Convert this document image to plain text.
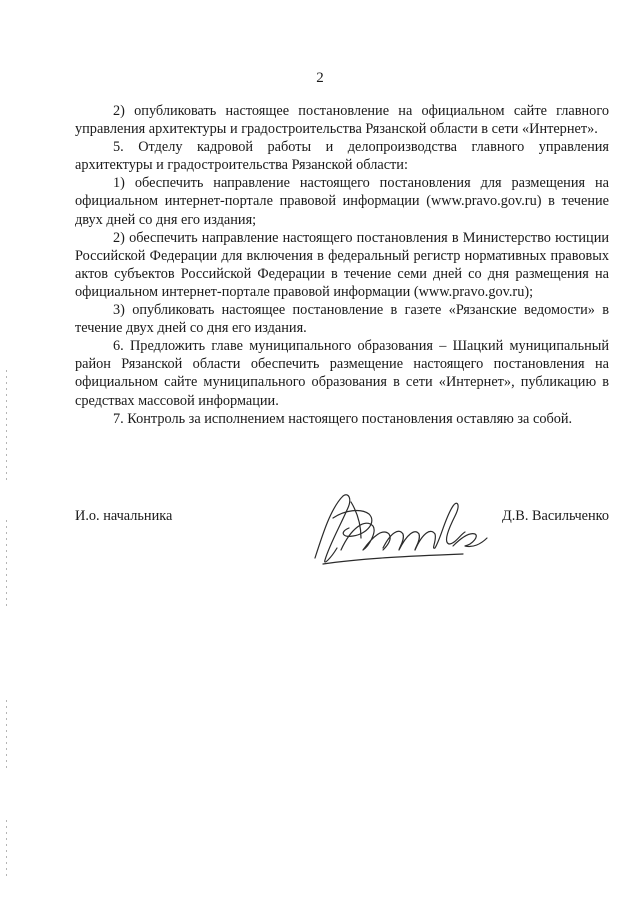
2

2) опубликовать настоящее постановление на официальном сайте главного управления архитектуры и градостроительства Рязанской области в сети «Интернет».

5. Отделу кадровой работы и делопроизводства главного управления архитектуры и градостроительства Рязанской области:

1) обеспечить направление настоящего постановления для размещения на официальном интернет-портале правовой информации (www.pravo.gov.ru) в течение двух дней со дня его издания;

2) обеспечить направление настоящего постановления в Министерство юстиции Российской Федерации для включения в федеральный регистр нормативных правовых актов субъектов Российской Федерации в течение семи дней со дня размещения на официальном интернет-портале правовой информации (www.pravo.gov.ru);

3) опубликовать настоящее постановление в газете «Рязанские ведомости» в течение двух дней со дня его издания.

6. Предложить главе муниципального образования – Шацкий муниципальный район Рязанской области обеспечить размещение настоящего постановления на официальном сайте муниципального образования в сети «Интернет», публикацию в средствах массовой информации.

7. Контроль за исполнением настоящего постановления оставляю за собой.

И.о. начальника	Д.В. Васильченко
